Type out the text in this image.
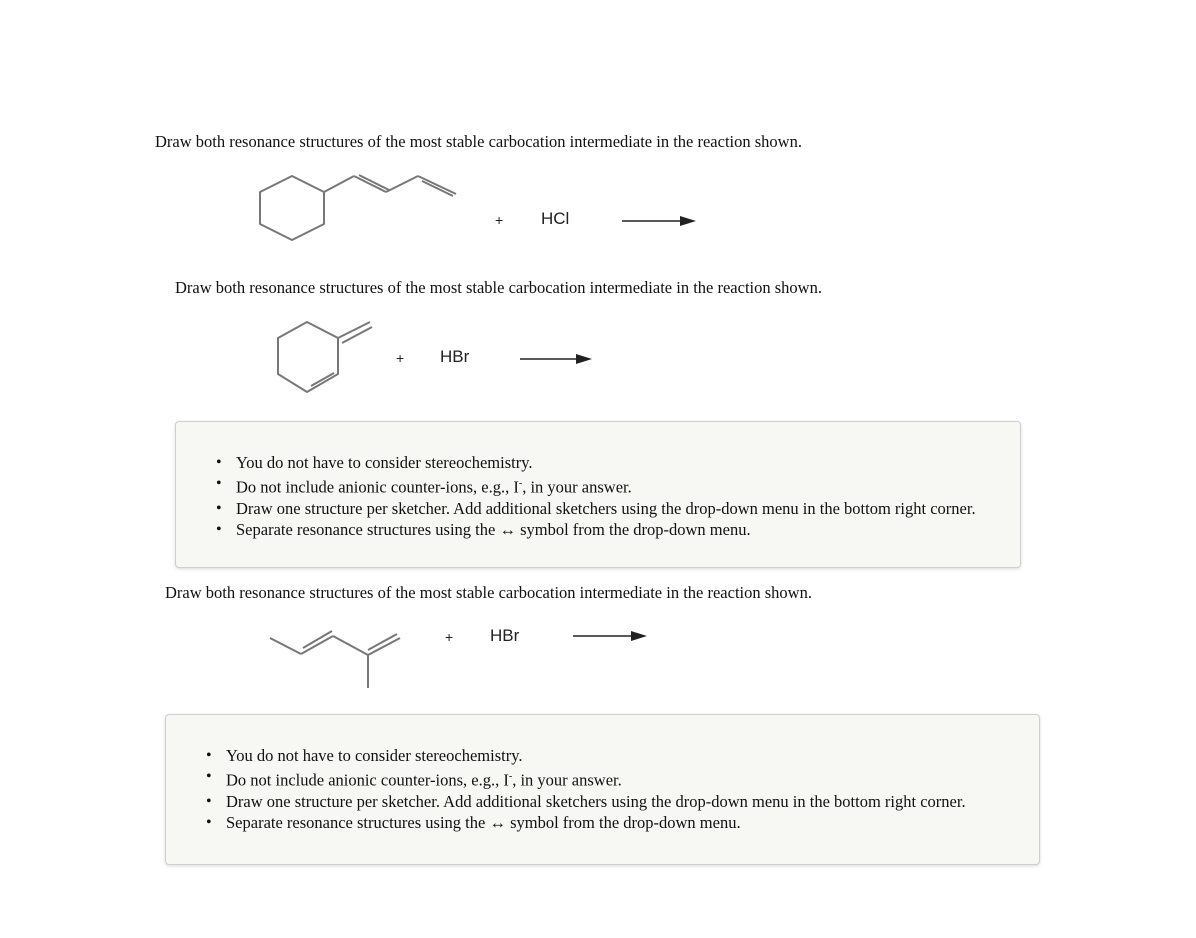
Draw both resonance structures of the most stable carbocation intermediate in the reaction shown.
+ HCl
Draw both resonance structures of the most stable carbocation intermediate in the reaction shown.
+ HBr
• You do not have to consider stereochemistry.
• Do not include anionic counter-ions, e.g., I-, in your answer.
• Draw one structure per sketcher. Add additional sketchers using the drop-down menu in the bottom right corner.
• Separate resonance structures using the ↔ symbol from the drop-down menu.
Draw both resonance structures of the most stable carbocation intermediate in the reaction shown.
+ HBr
• You do not have to consider stereochemistry.
• Do not include anionic counter-ions, e.g., I-, in your answer.
• Draw one structure per sketcher. Add additional sketchers using the drop-down menu in the bottom right corner.
• Separate resonance structures using the ↔ symbol from the drop-down menu.
